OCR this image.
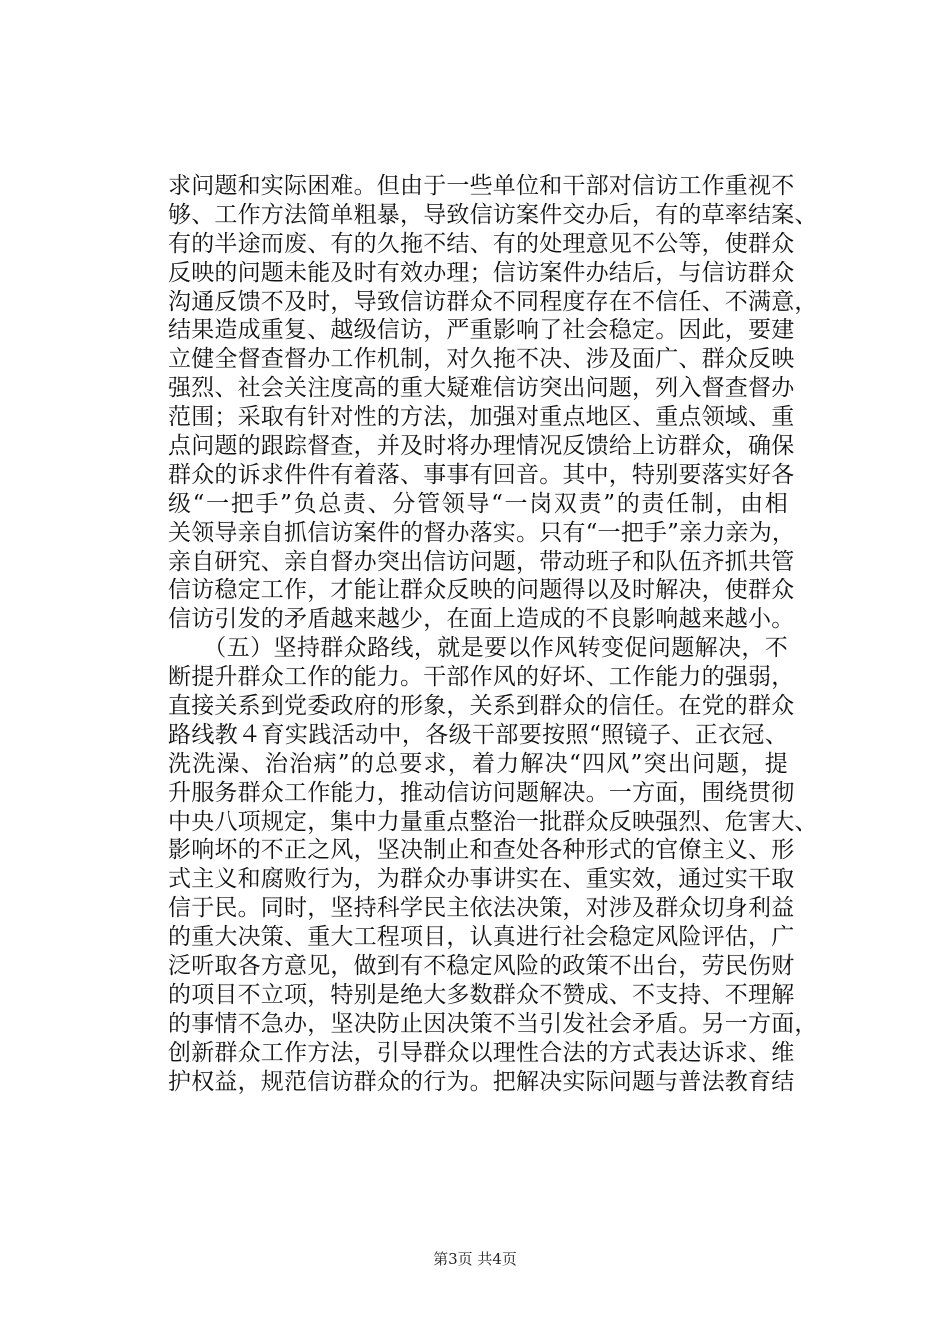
求问题和实际困难。但由于一些单位和干部对信访工作重视不
够、工作方法简单粗暴，导致信访案件交办后，有的草率结案、
有的半途而废、有的久拖不结、有的处理意见不公等，使群众
反映的问题未能及时有效办理；信访案件办结后，与信访群众
沟通反馈不及时，导致信访群众不同程度存在不信任、不满意，
结果造成重复、越级信访，严重影响了社会稳定。因此，要建
立健全督查督办工作机制，对久拖不决、涉及面广、群众反映
强烈、社会关注度高的重大疑难信访突出问题，列入督查督办
范围；采取有针对性的方法，加强对重点地区、重点领域、重
点问题的跟踪督查，并及时将办理情况反馈给上访群众，确保
群众的诉求件件有着落、事事有回音。其中，特别要落实好各
级“一把手”负总责、分管领导“一岗双责”的责任制，由相
关领导亲自抓信访案件的督办落实。只有“一把手”亲力亲为，
亲自研究、亲自督办突出信访问题，带动班子和队伍齐抓共管
信访稳定工作，才能让群众反映的问题得以及时解决，使群众
信访引发的矛盾越来越少，在面上造成的不良影响越来越小。
　　（五）坚持群众路线，就是要以作风转变促问题解决，不
断提升群众工作的能力。干部作风的好坏、工作能力的强弱，
直接关系到党委政府的形象，关系到群众的信任。在党的群众
路线教４育实践活动中，各级干部要按照“照镜子、正衣冠、
洗洗澡、治治病”的总要求，着力解决“四风”突出问题，提
升服务群众工作能力，推动信访问题解决。一方面，围绕贯彻
中央八项规定，集中力量重点整治一批群众反映强烈、危害大、
影响坏的不正之风，坚决制止和查处各种形式的官僚主义、形
式主义和腐败行为，为群众办事讲实在、重实效，通过实干取
信于民。同时，坚持科学民主依法决策，对涉及群众切身利益
的重大决策、重大工程项目，认真进行社会稳定风险评估，广
泛听取各方意见，做到有不稳定风险的政策不出台，劳民伤财
的项目不立项，特别是绝大多数群众不赞成、不支持、不理解
的事情不急办，坚决防止因决策不当引发社会矛盾。另一方面，
创新群众工作方法，引导群众以理性合法的方式表达诉求、维
护权益，规范信访群众的行为。把解决实际问题与普法教育结
第3页 共4页
